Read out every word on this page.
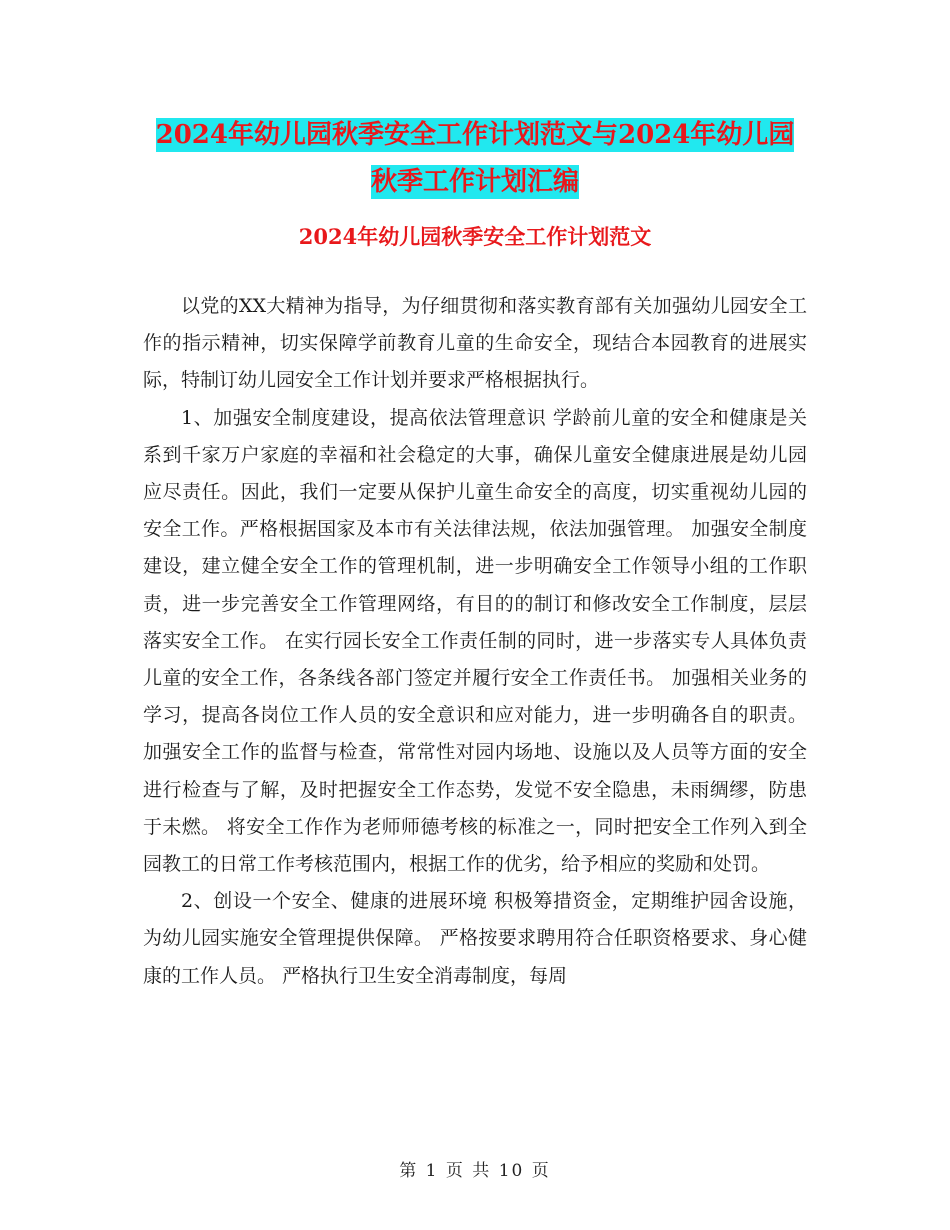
2024年幼儿园秋季安全工作计划范文与2024年幼儿园
秋季工作计划汇编
2024年幼儿园秋季安全工作计划范文

以党的XX大精神为指导，为仔细贯彻和落实教育部有关加强幼儿园安全工作的指示精神，切实保障学前教育儿童的生命安全，现结合本园教育的进展实际，特制订幼儿园安全工作计划并要求严格根据执行。

1、加强安全制度建设，提高依法管理意识 学龄前儿童的安全和健康是关系到千家万户家庭的幸福和社会稳定的大事，确保儿童安全健康进展是幼儿园应尽责任。因此，我们一定要从保护儿童生命安全的高度，切实重视幼儿园的安全工作。严格根据国家及本市有关法律法规，依法加强管理。 加强安全制度建设，建立健全安全工作的管理机制，进一步明确安全工作领导小组的工作职责，进一步完善安全工作管理网络，有目的的制订和修改安全工作制度，层层落实安全工作。 在实行园长安全工作责任制的同时，进一步落实专人具体负责儿童的安全工作，各条线各部门签定并履行安全工作责任书。 加强相关业务的学习，提高各岗位工作人员的安全意识和应对能力，进一步明确各自的职责。 加强安全工作的监督与检查，常常性对园内场地、设施以及人员等方面的安全进行检查与了解，及时把握安全工作态势，发觉不安全隐患，未雨绸缪，防患于未燃。 将安全工作作为老师师德考核的标准之一，同时把安全工作列入到全园教工的日常工作考核范围内，根据工作的优劣，给予相应的奖励和处罚。

2、创设一个安全、健康的进展环境 积极筹措资金，定期维护园舍设施，为幼儿园实施安全管理提供保障。 严格按要求聘用符合任职资格要求、身心健康的工作人员。 严格执行卫生安全消毒制度，每周

第 1 页 共 10 页
